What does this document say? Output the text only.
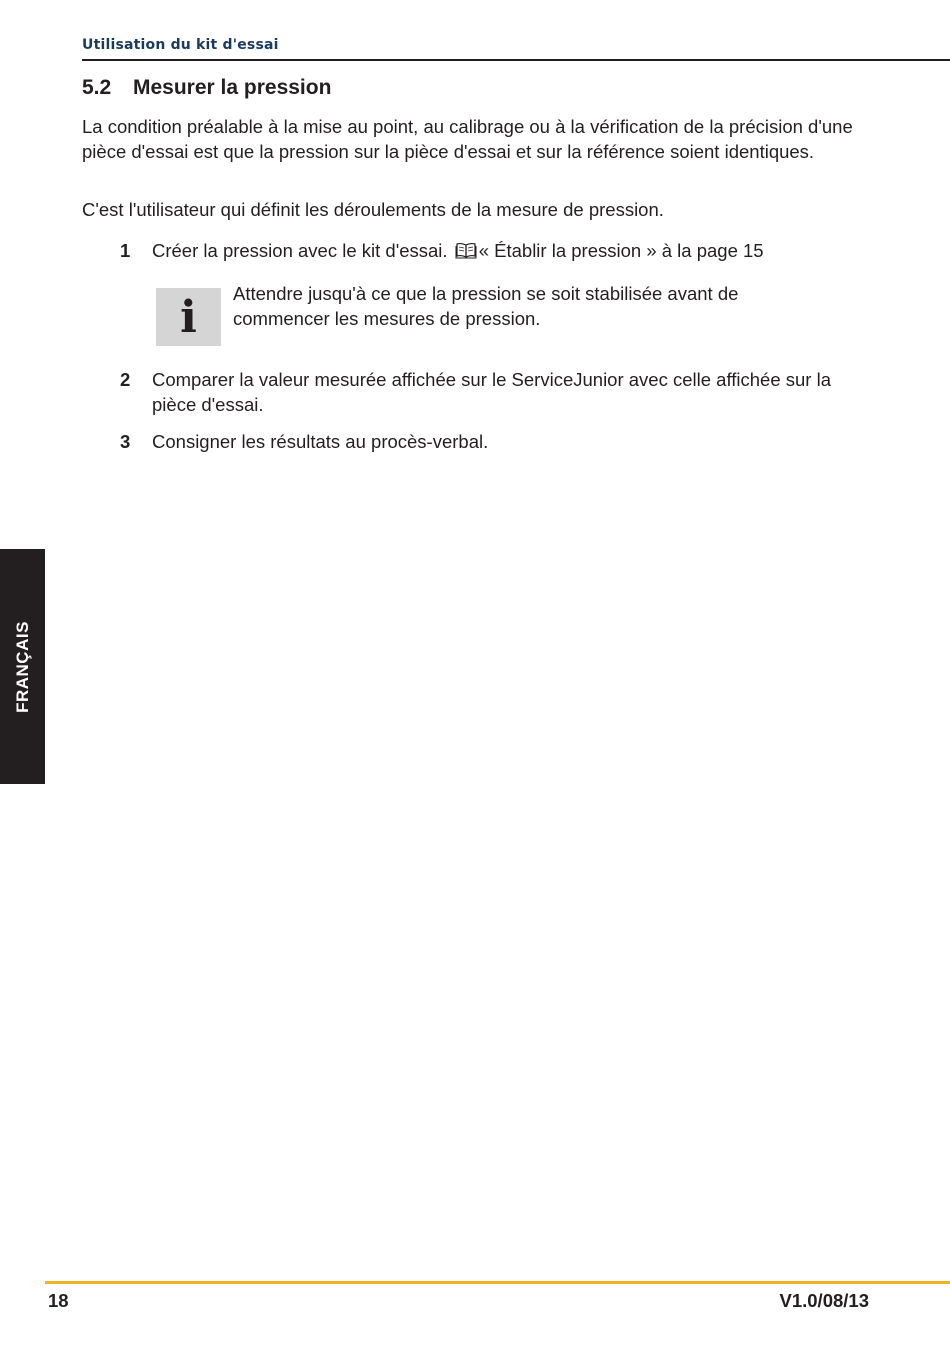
Utilisation du kit d'essai
5.2 Mesurer la pression

La condition préalable à la mise au point, au calibrage ou à la vérification de la précision d'une pièce d'essai est que la pression sur la pièce d'essai et sur la référence soient identiques.

C'est l'utilisateur qui définit les déroulements de la mesure de pression.

1 Créer la pression avec le kit d'essai. « Établir la pression » à la page 15
i	Attendre jusqu'à ce que la pression se soit stabilisée avant de commencer les mesures de pression.

2 Comparer la valeur mesurée affichée sur le ServiceJunior avec celle affichée sur la pièce d'essai.
3 Consigner les résultats au procès-verbal.
FRANÇAIS
18	V1.0/08/13
